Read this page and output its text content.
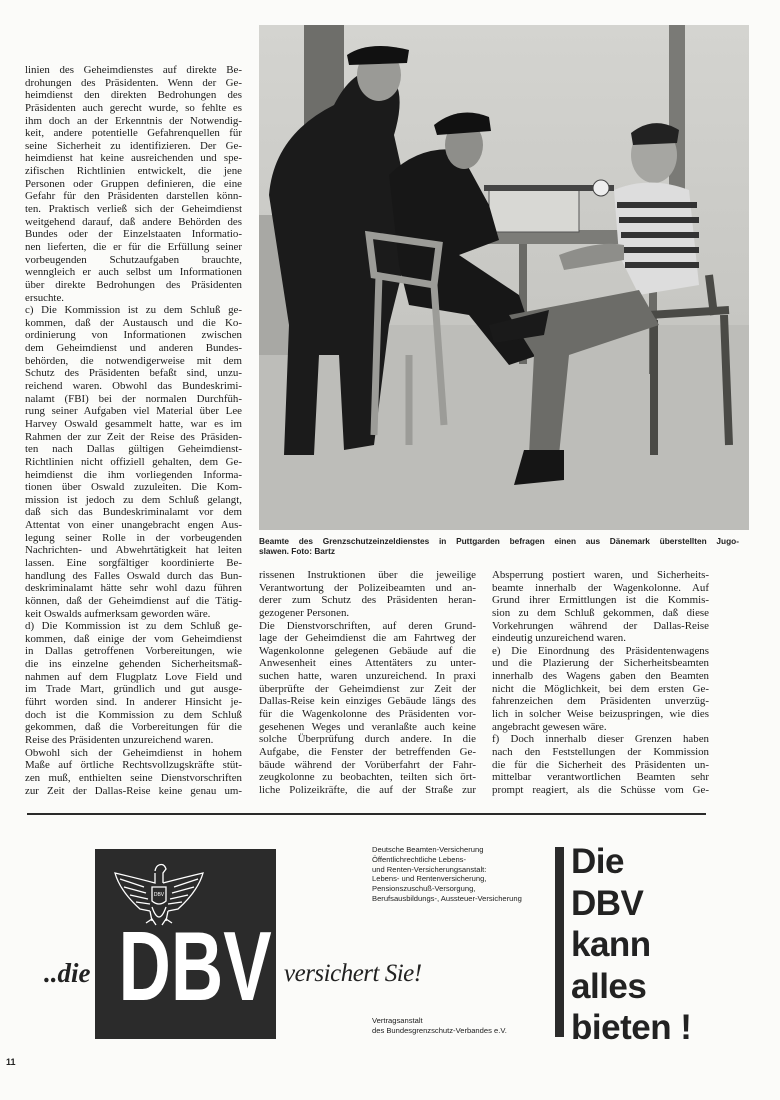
linien des Geheimdienstes auf direkte Be-
drohungen des Präsidenten. Wenn der Ge-
heimdienst den direkten Bedrohungen des
Präsidenten auch gerecht wurde, so fehlte es
ihm doch an der Erkenntnis der Notwendig-
keit, andere potentielle Gefahrenquellen für
seine Sicherheit zu identifizieren. Der Ge-
heimdienst hat keine ausreichenden und spe-
zifischen Richtlinien entwickelt, die jene
Personen oder Gruppen definieren, die eine
Gefahr für den Präsidenten darstellen könn-
ten. Praktisch verließ sich der Geheimdienst
weitgehend darauf, daß andere Behörden des
Bundes oder der Einzelstaaten Informatio-
nen lieferten, die er für die Erfüllung seiner
vorbeugenden Schutzaufgaben brauchte,
wenngleich er auch selbst um Informationen
über direkte Bedrohungen des Präsidenten
ersuchte.
c) Die Kommission ist zu dem Schluß ge-
kommen, daß der Austausch und die Ko-
ordinierung von Informationen zwischen
dem Geheimdienst und anderen Bundes-
behörden, die notwendigerweise mit dem
Schutz des Präsidenten befaßt sind, unzu-
reichend waren. Obwohl das Bundeskrimi-
nalamt (FBI) bei der normalen Durchfüh-
rung seiner Aufgaben viel Material über Lee
Harvey Oswald gesammelt hatte, war es im
Rahmen der zur Zeit der Reise des Präsiden-
ten nach Dallas gültigen Geheimdienst-
Richtlinien nicht offiziell gehalten, dem Ge-
heimdienst die ihm vorliegenden Informa-
tionen über Oswald zuzuleiten. Die Kom-
mission ist jedoch zu dem Schluß gelangt,
daß sich das Bundeskriminalamt vor dem
Attentat von einer unangebracht engen Aus-
legung seiner Rolle in der vorbeugenden
Nachrichten- und Abwehrtätigkeit hat leiten
lassen. Eine sorgfältiger koordinierte Be-
handlung des Falles Oswald durch das Bun-
deskriminalamt hätte sehr wohl dazu führen
können, daß der Geheimdienst auf die Tätig-
keit Oswalds aufmerksam geworden wäre.
d) Die Kommission ist zu dem Schluß ge-
kommen, daß einige der vom Geheimdienst
in Dallas getroffenen Vorbereitungen, wie
die ins einzelne gehenden Sicherheitsmaß-
nahmen auf dem Flugplatz Love Field und
im Trade Mart, gründlich und gut ausge-
führt worden sind. In anderer Hinsicht je-
doch ist die Kommission zu dem Schluß
gekommen, daß die Vorbereitungen für die
Reise des Präsidenten unzureichend waren.
Obwohl sich der Geheimdienst in hohem
Maße auf örtliche Rechtsvollzugskräfte stüt-
zen muß, enthielten seine Dienstvorschriften
zur Zeit der Dallas-Reise keine genau um-
rissenen Instruktionen über die jeweilige
Verantwortung der Polizeibeamten und an-
derer zum Schutz des Präsidenten heran-
gezogener Personen.
Die Dienstvorschriften, auf deren Grund-
lage der Geheimdienst die am Fahrtweg der
Wagenkolonne gelegenen Gebäude auf die
Anwesenheit eines Attentäters zu unter-
suchen hatte, waren unzureichend. In praxi
überprüfte der Geheimdienst zur Zeit der
Dallas-Reise kein einziges Gebäude längs des
für die Wagenkolonne des Präsidenten vor-
gesehenen Weges und veranlaßte auch keine
solche Überprüfung durch andere. In die
Aufgabe, die Fenster der betreffenden Ge-
bäude während der Vorüberfahrt der Fahr-
zeugkolonne zu beobachten, teilten sich ört-
liche Polizeikräfte, die auf der Straße zur
Absperrung postiert waren, und Sicherheits-
beamte innerhalb der Wagenkolonne. Auf
Grund ihrer Ermittlungen ist die Kommis-
sion zu dem Schluß gekommen, daß diese
Vorkehrungen während der Dallas-Reise
eindeutig unzureichend waren.
e) Die Einordnung des Präsidentenwagens
und die Plazierung der Sicherheitsbeamten
innerhalb des Wagens gaben den Beamten
nicht die Möglichkeit, bei dem ersten Ge-
fahrenzeichen dem Präsidenten unverzüg-
lich in solcher Weise beizuspringen, wie dies
angebracht gewesen wäre.
f) Doch innerhalb dieser Grenzen haben
nach den Feststellungen der Kommission
die für die Sicherheit des Präsidenten un-
mittelbar verantwortlichen Beamten sehr
prompt reagiert, als die Schüsse vom Ge-
Beamte des Grenzschutzeinzeldienstes in Puttgarden befragen einen aus Dänemark überstellten Jugo-
slawen. Foto: Bartz
DBV
DBV
..die	versichert Sie!
Deutsche Beamten-Versicherung
Öffentlichrechtliche Lebens-
und Renten-Versicherungsanstalt:
Lebens- und Rentenversicherung,
Pensionszuschuß-Versorgung,
Berufsausbildungs-, Aussteuer-Versicherung
Vertragsanstalt
des Bundesgrenzschutz-Verbandes e.V.
Die
DBV
kann
alles
bieten !
11
